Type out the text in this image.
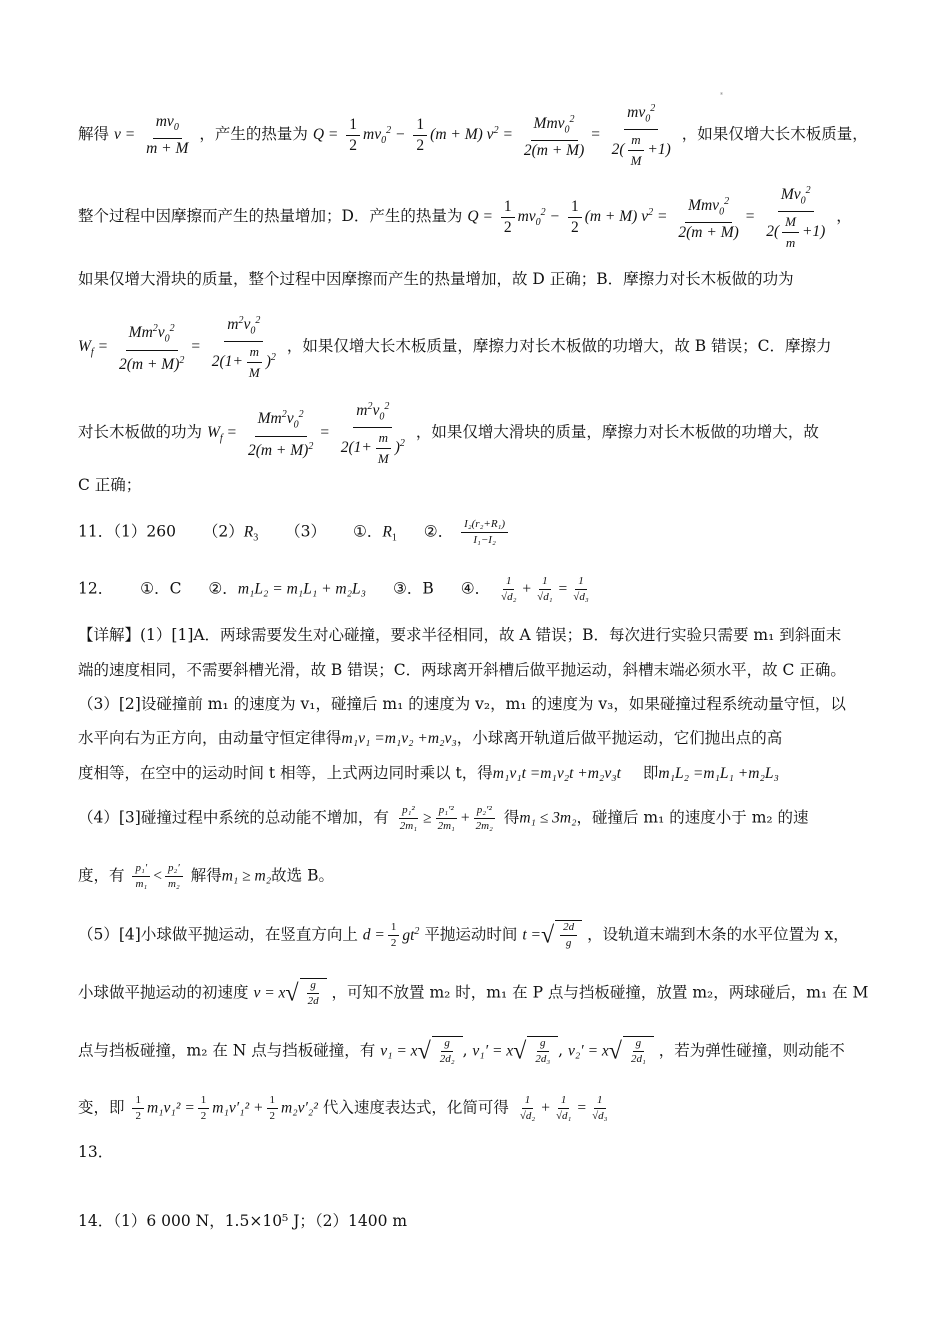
*
解得 $v = \frac{mv_0}{m + M}$ ，产生的热量为 $Q = \frac{1}{2} mv_0^2 - \frac{1}{2} (m + M) v^2 = \frac{Mmv_0^2}{2(m + M)} = \frac{mv_0^2}{2( \frac{m}{M} +1)}$ ，如果仅增大长木板质量，
整个过程中因摩擦而产生的热量增加；D．产生的热量为 $Q = \frac{1}{2} mv_0^2 - \frac{1}{2} (m + M) v^2 = \frac{Mmv_0^2}{2(m + M)} = \frac{Mv_0^2}{2( \frac{M}{m} +1)}$ ，
如果仅增大滑块的质量，整个过程中因摩擦而产生的热量增加，故 D 正确；B．摩擦力对长木板做的功为
$W_f = \frac{Mm^2v_0^2}{2(m + M)^2} = \frac{m^2v_0^2}{2(1+ \frac{m}{M} )^2}$ ，如果仅增大长木板质量，摩擦力对长木板做的功增大，故 B 错误；C．摩擦力
对长木板做的功为 $W_f = \frac{Mm^2v_0^2}{2(m + M)^2} = \frac{m^2v_0^2}{2(1+ \frac{m}{M} )^2}$ ，如果仅增大滑块的质量，摩擦力对长木板做的功增大，故
C 正确；
11．（1）260 $(2)R_3$ （3） ①．$R_1$ ②． $\frac{\text{I₂(r₂+R₁)}}{\text{I₁−I₂}}$
12． ①．C ②．m₁L₂ = m₁L₁ + m₂L₃ ③．B ④． $\frac{1}{\text{√d₂}} + \frac{1}{\text{√d₁}} = \frac{1}{\text{√d₃}}$
【详解】(1）[1]A．两球需要发生对心碰撞，要求半径相同，故 A 错误；B．每次进行实验只需要 m₁ 到斜面末
端的速度相同，不需要斜槽光滑，故 B 错误；C．两球离开斜槽后做平抛运动，斜槽末端必须水平，故 C 正确。
（3）[2]设碰撞前 m₁ 的速度为 v₁，碰撞后 m₁ 的速度为 v₂，m₁ 的速度为 v₃，如果碰撞过程系统动量守恒，以
水平向右为正方向，由动量守恒定律得m₁v₁ =m₁v₂ +m₂v₃，小球离开轨道后做平抛运动，它们抛出点的高
度相等，在空中的运动时间 t 相等，上式两边同时乘以 t，得m₁v₁t =m₁v₂t +m₂v₃t 即m₁L₂ =m₁L₁ +m₂L₃
（4）[3]碰撞过程中系统的总动能不增加，有 $\frac{\text{p₁²}}{\text{2m₁}} \ge \frac{\text{p₁′²}}{\text{2m₁}} + \frac{\text{p₂′²}}{\text{2m₂}}$ 得m₁ ≤ 3m₂，碰撞后 m₁ 的速度小于 m₂ 的速
度，有 $\frac{\text{p₁′}}{\text{m₁}} < \frac{\text{p₂′}}{\text{m₂}}$ 解得m₁ ≥ m₂故选 B。
（5）[4]小球做平抛运动，在竖直方向上 $d = \frac{1}{2} gt^2$ 平抛运动时间 t =√ $\frac{2d}{g}$ ，设轨道末端到木条的水平位置为 x，
小球做平抛运动的初速度 $v = x√ \frac{g}{2d}$ ，可知不放置 m₂ 时，m₁ 在 P 点与挡板碰撞，放置 m₂，两球碰后，m₁ 在 M
点与挡板碰撞，m₂ 在 N 点与挡板碰撞，有 $v_1 = x√ \frac{g}{\text{2d₂}}$ , $v_1' = x√ \frac{g}{\text{2d₃}}$ , $v_2' = x√ \frac{g}{\text{2d₁}}$ ，若为弹性碰撞，则动能不
变，即 $\frac{1}{2} m_1v_1^2 = \frac{1}{2} m_1v'_1^2 + \frac{1}{2} m_2v'_2^2$ 代入速度表达式，化简可得 $\frac{1}{\text{√d₂}} + \frac{1}{\text{√d₁}} = \frac{1}{\text{√d₃}}$
13．
14．（1）6 000 N，1.5×10⁵ J；（2）1400 m
